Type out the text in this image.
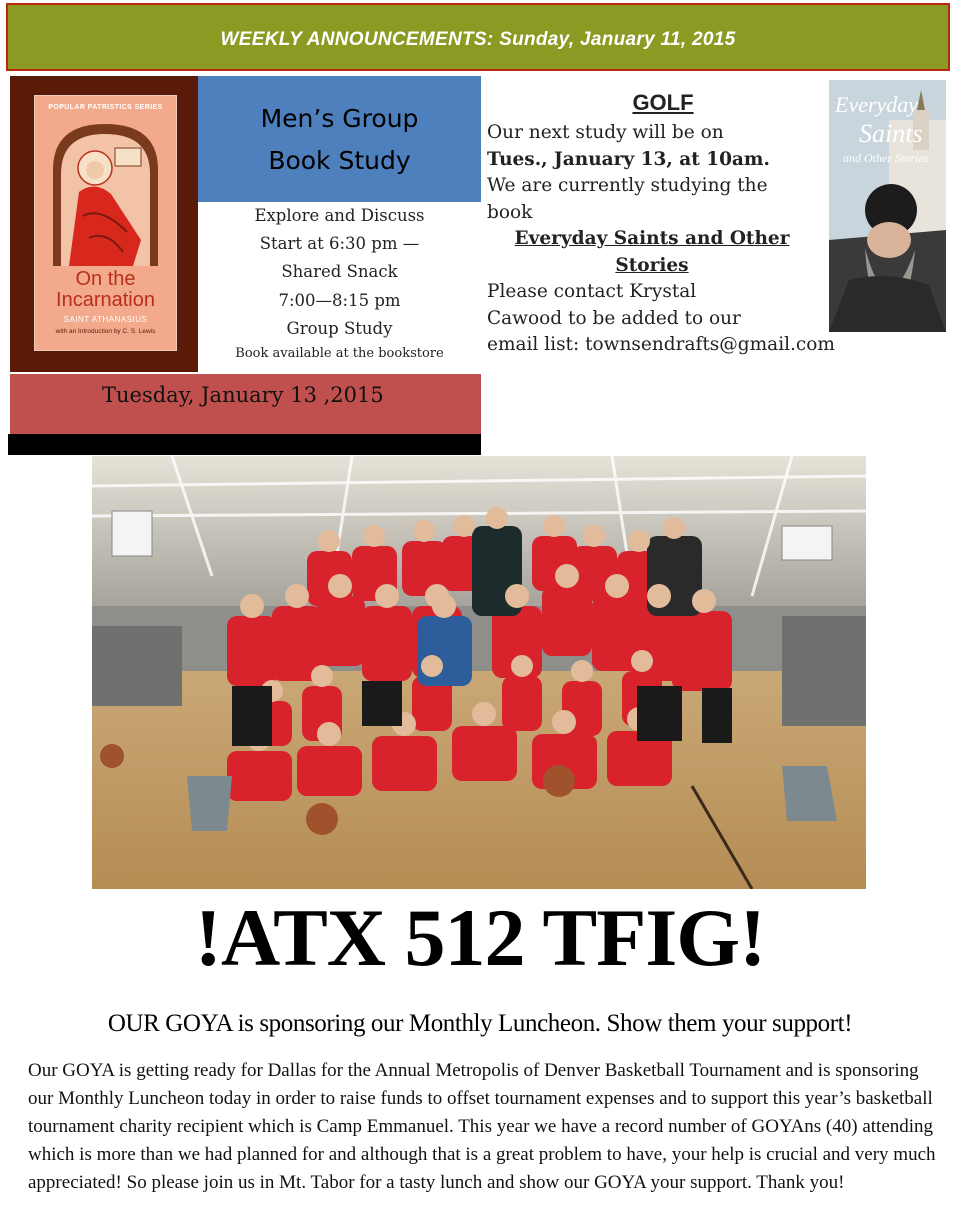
WEEKLY ANNOUNCEMENTS: Sunday, January 11, 2015
POPULAR PATRISTICS SERIES
On the
Incarnation
SAINT ATHANASIUS
with an Introduction by C. S. Lewis
Men’s Group
Book Study
Explore and Discuss
Start at 6:30 pm —
Shared Snack
7:00—8:15 pm
Group Study
Book available at the bookstore
Tuesday, January 13 ,2015
GOLF
Our next study will be on
Tues., January 13, at 10am.
We are currently studying the
book
Everyday Saints and Other
Stories
Please contact Krystal
Cawood to be added to our
email list: townsendrafts@gmail.com
Everyday
Saints
and Other Stories
!ATX 512 TFIG!
OUR GOYA is sponsoring our Monthly Luncheon. Show them your support!
Our GOYA is getting ready for Dallas for the Annual Metropolis of Denver Basketball Tournament and is sponsoring our Monthly Luncheon today in order to raise funds to offset tournament expenses and to support this year’s basketball tournament charity recipient which is Camp Emmanuel. This year we have a record number of GOYAns (40) attending which is more than we had planned for and although that is a great problem to have, your help is crucial and very much appreciated! So please join us in Mt. Tabor for a tasty lunch and show our GOYA your support. Thank you!
